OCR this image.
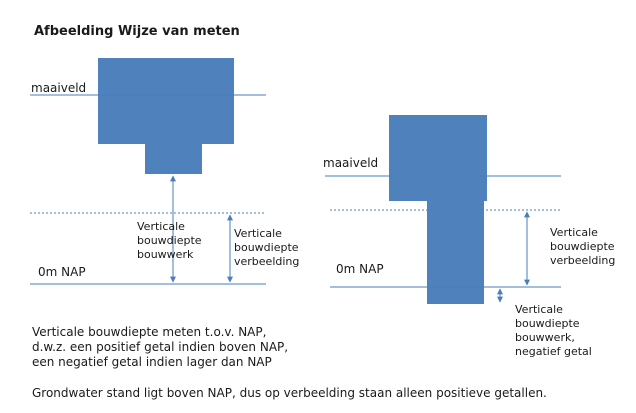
Afbeelding Wijze van meten
maaiveld
0m NAP
Verticale
bouwdiepte
bouwwerk
Verticale
bouwdiepte
verbeelding
maaiveld
0m NAP
Verticale
bouwdiepte
verbeelding
Verticale
bouwdiepte
bouwwerk,
negatief getal
Verticale bouwdiepte meten t.o.v. NAP,
d.w.z. een positief getal indien boven NAP,
een negatief getal indien lager dan NAP
Grondwater stand ligt boven NAP, dus op verbeelding staan alleen positieve getallen.
